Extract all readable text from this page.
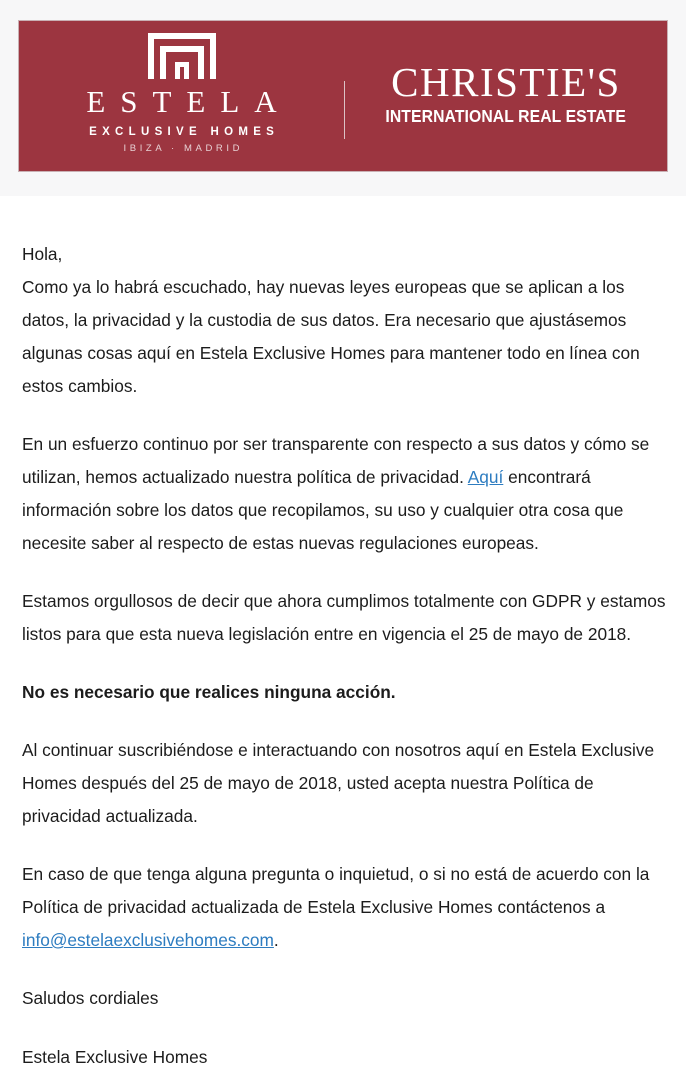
ESTELA
EXCLUSIVE HOMES
IBIZA · MADRID
CHRISTIE'S
INTERNATIONAL REAL ESTATE

Hola,

Como ya lo habrá escuchado, hay nuevas leyes europeas que se aplican a los datos, la privacidad y la custodia de sus datos. Era necesario que ajustásemos algunas cosas aquí en Estela Exclusive Homes para mantener todo en línea con estos cambios.

En un esfuerzo continuo por ser transparente con respecto a sus datos y cómo se utilizan, hemos actualizado nuestra política de privacidad. Aquí encontrará información sobre los datos que recopilamos, su uso y cualquier otra cosa que necesite saber al respecto de estas nuevas regulaciones europeas.

Estamos orgullosos de decir que ahora cumplimos totalmente con GDPR y estamos listos para que esta nueva legislación entre en vigencia el 25 de mayo de 2018.

No es necesario que realices ninguna acción.

Al continuar suscribiéndose e interactuando con nosotros aquí en Estela Exclusive Homes después del 25 de mayo de 2018, usted acepta nuestra Política de privacidad actualizada.

En caso de que tenga alguna pregunta o inquietud, o si no está de acuerdo con la Política de privacidad actualizada de Estela Exclusive Homes contáctenos a info@estelaexclusivehomes.com.

Saludos cordiales

Estela Exclusive Homes
